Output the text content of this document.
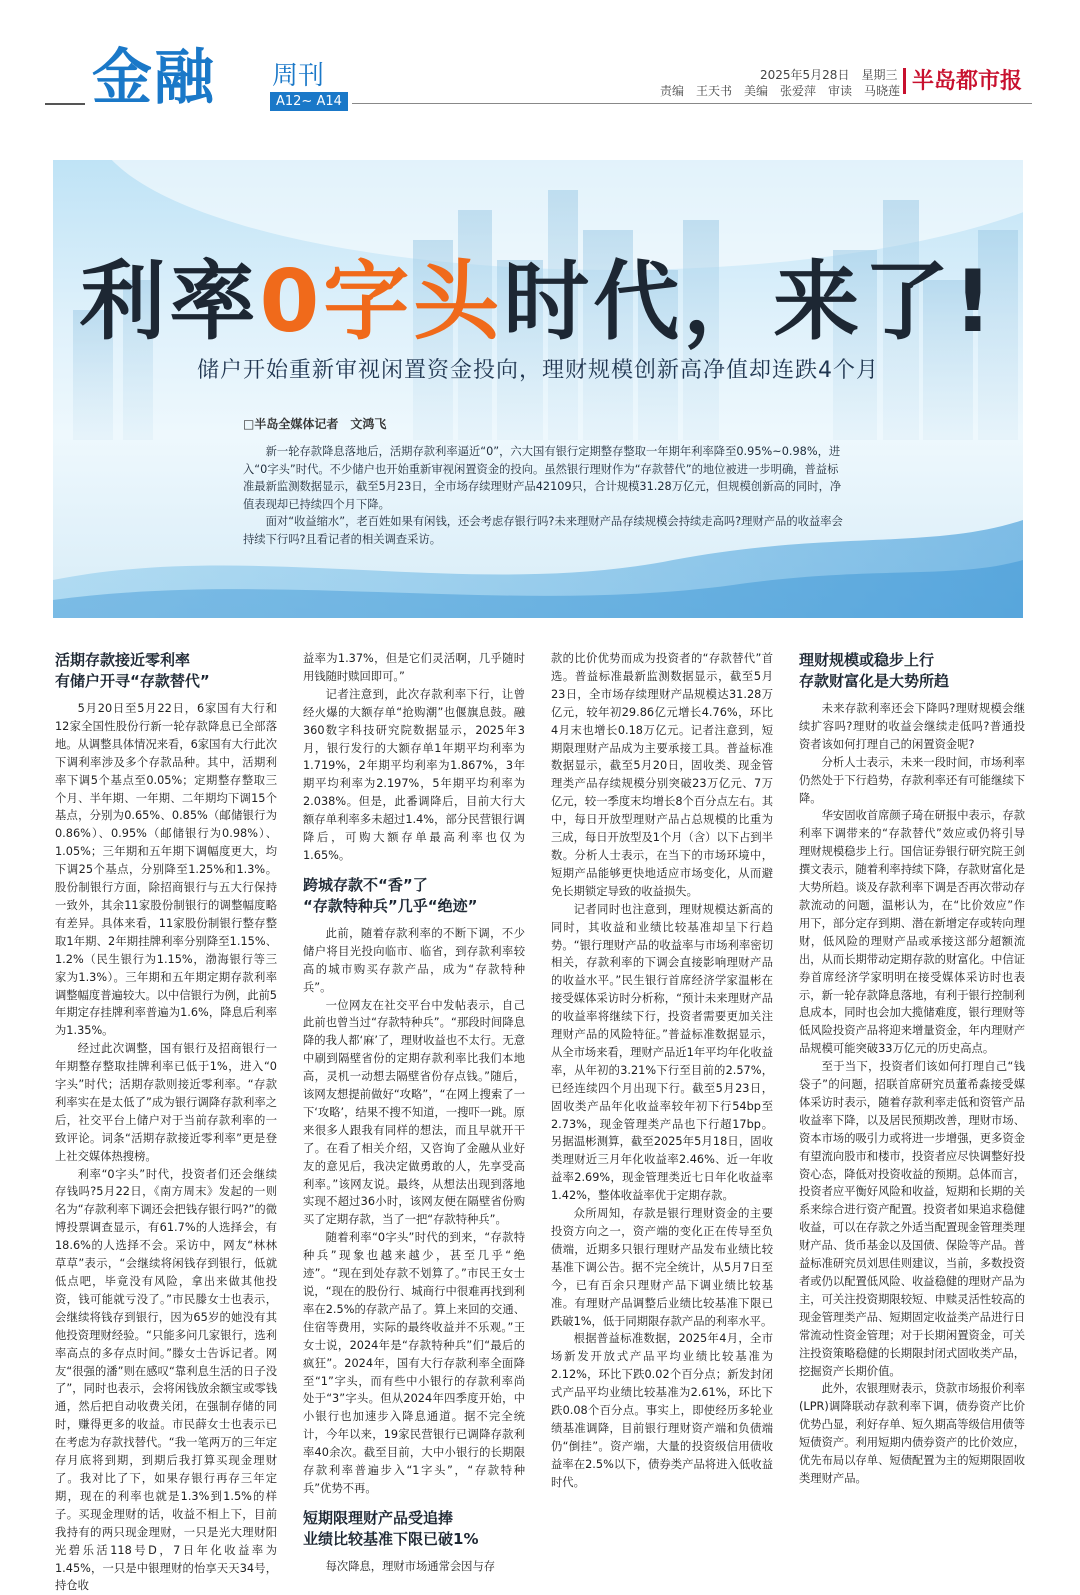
金融 周刊
A12~ A14
2025年5月28日　星期三
责编　王天书　美编　张爱萍　审读　马晓莲 半岛都市报
利率0字头时代，来了!
储户开始重新审视闲置资金投向，理财规模创新高净值却连跌4个月
□半岛全媒体记者　文鸿飞

新一轮存款降息落地后，活期存款利率逼近“0”，六大国有银行定期整存整取一年期年利率降至0.95%~0.98%，进入“0字头”时代。不少储户也开始重新审视闲置资金的投向。虽然银行理财作为“存款替代”的地位被进一步明确，普益标准最新监测数据显示，截至5月23日，全市场存续理财产品42109只，合计规模31.28万亿元，但规模创新高的同时，净值表现却已持续四个月下降。

面对“收益缩水”，老百姓如果有闲钱，还会考虑存银行吗?未来理财产品存续规模会持续走高吗?理财产品的收益率会持续下行吗?且看记者的相关调查采访。

活期存款接近零利率
有储户开寻“存款替代”

5月20日至5月22日，6家国有大行和12家全国性股份行新一轮存款降息已全部落地。从调整具体情况来看，6家国有大行此次下调利率涉及多个存款品种。其中，活期利率下调5个基点至0.05%；定期整存整取三个月、半年期、一年期、二年期均下调15个基点，分别为0.65%、0.85%（邮储银行为0.86%）、0.95%（邮储银行为0.98%）、1.05%；三年期和五年期下调幅度更大，均下调25个基点，分别降至1.25%和1.3%。股份制银行方面，除招商银行与五大行保持一致外，其余11家股份制银行的调整幅度略有差异。具体来看，11家股份制银行整存整取1年期、2年期挂牌利率分别降至1.15%、1.2%（民生银行为1.15%，渤海银行等三家为1.3%）。三年期和五年期定期存款利率调整幅度普遍较大。以中信银行为例，此前5年期定存挂牌利率普遍为1.6%，降息后利率为1.35%。

经过此次调整，国有银行及招商银行一年期整存整取挂牌利率已低于1%，进入“0字头”时代；活期存款则接近零利率。“存款利率实在是太低了”成为银行调降存款利率之后，社交平台上储户对于当前存款利率的一致评论。词条“活期存款接近零利率”更是登上社交媒体热搜榜。

利率“0字头”时代，投资者们还会继续存钱吗?5月22日，《南方周末》发起的一则名为“存款利率下调还会把钱存银行吗?”的微博投票调查显示，有61.7%的人选择会，有18.6%的人选择不会。采访中，网友“林林草草”表示，“会继续将闲钱存到银行，低就低点吧，毕竟没有风险，拿出来做其他投资，钱可能就亏没了。”市民滕女士也表示，会继续将钱存到银行，因为65岁的她没有其他投资理财经验。“只能多问几家银行，选利率高点的多存点时间。”滕女士告诉记者。网友“很强的潘”则在感叹“靠利息生活的日子没了”，同时也表示，会将闲钱放余额宝或零钱通，然后把自动收费关闭，在强制存储的同时，赚得更多的收益。市民薛女士也表示已在考虑为存款找替代。“我一笔两万的三年定存月底将到期，到期后我打算买现金理财了。我对比了下，如果存银行再存三年定期，现在的利率也就是1.3%到1.5%的样子。买现金理财的话，收益不相上下，目前我持有的两只现金理财，一只是光大理财阳光碧乐活118号D，7日年化收益率为1.45%，一只是中银理财的怡享天天34号，持仓收

益率为1.37%，但是它们灵活啊，几乎随时用钱随时赎回即可。”

记者注意到，此次存款利率下行，让曾经火爆的大额存单“抢购潮”也偃旗息鼓。融360数字科技研究院数据显示，2025年3月，银行发行的大额存单1年期平均利率为1.719%，2年期平均利率为1.867%，3年期平均利率为2.197%，5年期平均利率为2.038%。但是，此番调降后，目前大行大额存单利率多未超过1.4%，部分民营银行调降后，可购大额存单最高利率也仅为1.65%。

跨城存款不“香”了
“存款特种兵”几乎“绝迹”

此前，随着存款利率的不断下调，不少储户将目光投向临市、临省，到存款利率较高的城市购买存款产品，成为“存款特种兵”。

一位网友在社交平台中发帖表示，自己此前也曾当过“存款特种兵”。“那段时间降息降的我人都‘麻’了，理财收益也不太行。无意中刷到隔壁省份的定期存款利率比我们本地高，灵机一动想去隔壁省份存点钱。”随后，该网友想提前做好“攻略”，“在网上搜索了一下‘攻略’，结果不搜不知道，一搜吓一跳。原来很多人跟我有同样的想法，而且早就开干了。在看了相关介绍，又咨询了金融从业好友的意见后，我决定做勇敢的人，先享受高利率。”该网友说。最终，从想法出现到落地实现不超过36小时，该网友便在隔壁省份购买了定期存款，当了一把“存款特种兵”。

随着利率“0字头”时代的到来，“存款特种兵”现象也越来越少，甚至几乎“绝迹”。“现在到处存款不划算了。”市民王女士说，“现在的股份行、城商行中很难再找到利率在2.5%的存款产品了。算上来回的交通、住宿等费用，实际的最终收益并不乐观。”王女士说，2024年是“存款特种兵”们“最后的疯狂”。2024年，国有大行存款利率全面降至“1”字头，而有些中小银行的存款利率尚处于“3”字头。但从2024年四季度开始，中小银行也加速步入降息通道。据不完全统计，今年以来，19家民营银行已调降存款利率40余次。截至目前，大中小银行的长期限存款利率普遍步入“1字头”，“存款特种兵”优势不再。

短期限理财产品受追捧
业绩比较基准下限已破1%

每次降息，理财市场通常会因与存

款的比价优势而成为投资者的“存款替代”首选。普益标准最新监测数据显示，截至5月23日，全市场存续理财产品规模达31.28万亿元，较年初29.86亿元增长4.76%，环比4月末也增长0.18万亿元。记者注意到，短期限理财产品成为主要承接工具。普益标准数据显示，截至5月20日，固收类、现金管理类产品存续规模分别突破23万亿元、7万亿元，较一季度末均增长8个百分点左右。其中，每日开放型理财产品占总规模的比重为三成，每日开放型及1个月（含）以下占到半数。分析人士表示，在当下的市场环境中，短期产品能够更快地适应市场变化，从而避免长期锁定导致的收益损失。

记者同时也注意到，理财规模达新高的同时，其收益和业绩比较基准却呈下行趋势。“银行理财产品的收益率与市场利率密切相关，存款利率的下调会直接影响理财产品的收益水平。”民生银行首席经济学家温彬在接受媒体采访时分析称，“预计未来理财产品的收益率将继续下行，投资者需要更加关注理财产品的风险特征。”普益标准数据显示，从全市场来看，理财产品近1年平均年化收益率，从年初的3.21%下行至目前的2.57%，已经连续四个月出现下行。截至5月23日，固收类产品年化收益率较年初下行54bp至2.73%，现金管理类产品也下行超17bp。另据温彬测算，截至2025年5月18日，固收类理财近三月年化收益率2.46%、近一年收益率2.69%，现金管理类近七日年化收益率1.42%，整体收益率优于定期存款。

众所周知，存款是银行理财资金的主要投资方向之一，资产端的变化正在传导至负债端，近期多只银行理财产品发布业绩比较基准下调公告。据不完全统计，从5月7日至今，已有百余只理财产品下调业绩比较基准。有理财产品调整后业绩比较基准下限已跌破1%，低于同期限存款产品的利率水平。

根据普益标准数据，2025年4月，全市场新发开放式产品平均业绩比较基准为2.12%，环比下跌0.02个百分点；新发封闭式产品平均业绩比较基准为2.61%，环比下跌0.08个百分点。事实上，即使经历多轮业绩基准调降，目前银行理财资产端和负债端仍“倒挂”。资产端，大量的投资级信用债收益率在2.5%以下，债券类产品将进入低收益时代。

理财规模或稳步上行
存款财富化是大势所趋

未来存款利率还会下降吗?理财规模会继续扩容吗?理财的收益会继续走低吗?普通投资者该如何打理自己的闲置资金呢?

分析人士表示，未来一段时间，市场利率仍然处于下行趋势，存款利率还有可能继续下降。

华安固收首席颜子琦在研报中表示，存款利率下调带来的“存款替代”效应或仍将引导理财规模稳步上行。国信证券银行研究院王剑撰文表示，随着利率持续下降，存款财富化是大势所趋。谈及存款利率下调是否再次带动存款流动的问题，温彬认为，在“比价效应”作用下，部分定存到期、潜在新增定存或转向理财，低风险的理财产品或承接这部分超额流出，从而长期带动定期存款的财富化。中信证券首席经济学家明明在接受媒体采访时也表示，新一轮存款降息落地，有利于银行控制利息成本，同时也会加大揽储难度，银行理财等低风险投资产品将迎来增量资金，年内理财产品规模可能突破33万亿元的历史高点。

至于当下，投资者们该如何打理自己“钱袋子”的问题，招联首席研究员董希淼接受媒体采访时表示，随着存款利率走低和资管产品收益率下降，以及居民预期改善，理财市场、资本市场的吸引力或将进一步增强，更多资金有望流向股市和楼市，投资者应尽快调整好投资心态，降低对投资收益的预期。总体而言，投资者应平衡好风险和收益，短期和长期的关系来综合进行资产配置。投资者如果追求稳健收益，可以在存款之外适当配置现金管理类理财产品、货币基金以及国债、保险等产品。普益标准研究员刘思佳则建议，当前，多数投资者或仍以配置低风险、收益稳健的理财产品为主，可关注投资期限较短、申赎灵活性较高的现金管理类产品、短期固定收益类产品进行日常流动性资金管理；对于长期闲置资金，可关注投资策略稳健的长期限封闭式固收类产品，挖掘资产长期价值。

此外，农银理财表示，贷款市场报价利率(LPR)调降联动存款利率下调，债券资产比价优势凸显，利好存单、短久期高等级信用债等短债资产。利用短期内债券资产的比价效应，优先布局以存单、短债配置为主的短期限固收类理财产品。
